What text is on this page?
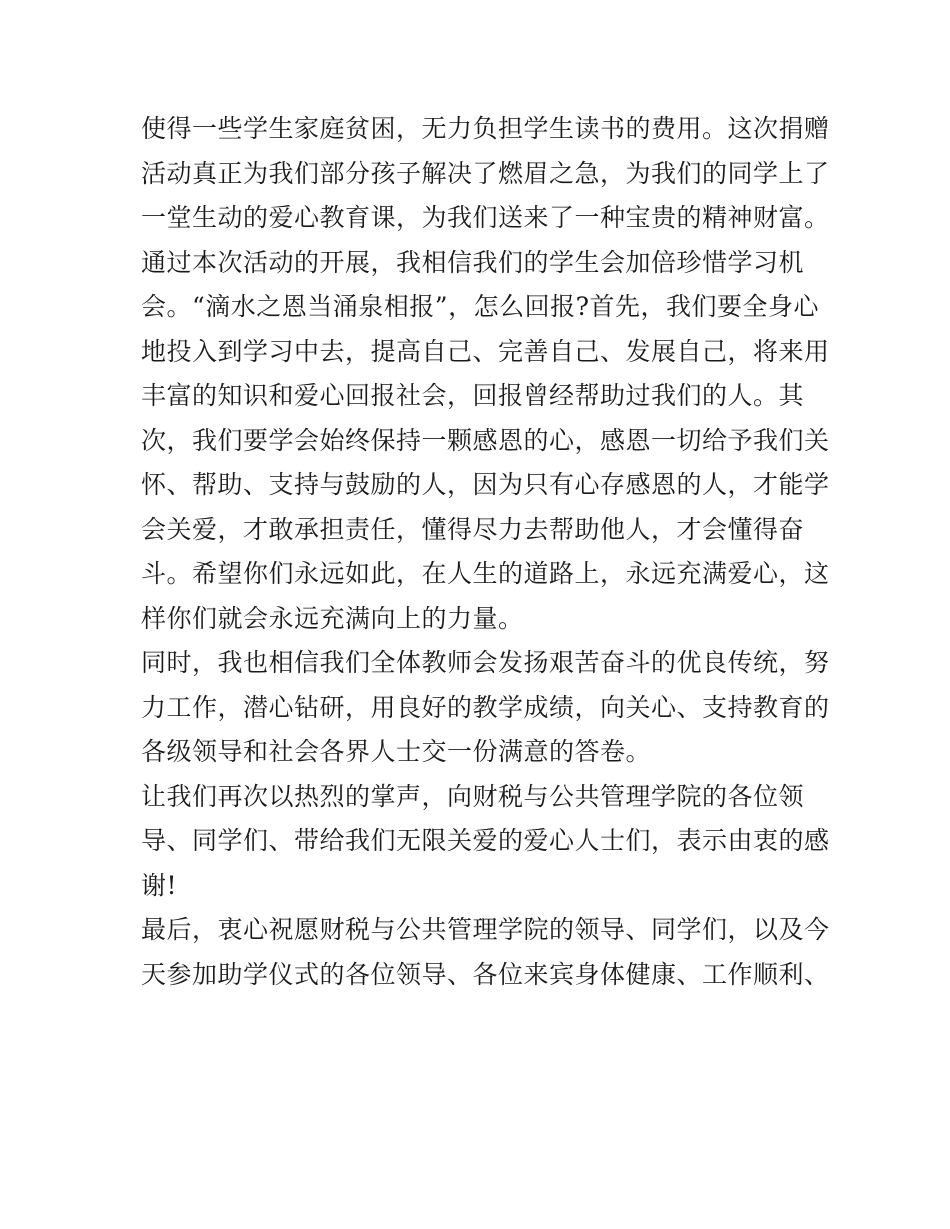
使得一些学生家庭贫困，无力负担学生读书的费用。这次捐赠
活动真正为我们部分孩子解决了燃眉之急，为我们的同学上了
一堂生动的爱心教育课，为我们送来了一种宝贵的精神财富。
通过本次活动的开展，我相信我们的学生会加倍珍惜学习机
会。“滴水之恩当涌泉相报”，怎么回报?首先，我们要全身心
地投入到学习中去，提高自己、完善自己、发展自己，将来用
丰富的知识和爱心回报社会，回报曾经帮助过我们的人。其
次，我们要学会始终保持一颗感恩的心，感恩一切给予我们关
怀、帮助、支持与鼓励的人，因为只有心存感恩的人，才能学
会关爱，才敢承担责任，懂得尽力去帮助他人，才会懂得奋
斗。希望你们永远如此，在人生的道路上，永远充满爱心，这
样你们就会永远充满向上的力量。
同时，我也相信我们全体教师会发扬艰苦奋斗的优良传统，努
力工作，潜心钻研，用良好的教学成绩，向关心、支持教育的
各级领导和社会各界人士交一份满意的答卷。
让我们再次以热烈的掌声，向财税与公共管理学院的各位领
导、同学们、带给我们无限关爱的爱心人士们，表示由衷的感
谢!
最后，衷心祝愿财税与公共管理学院的领导、同学们，以及今
天参加助学仪式的各位领导、各位来宾身体健康、工作顺利、
